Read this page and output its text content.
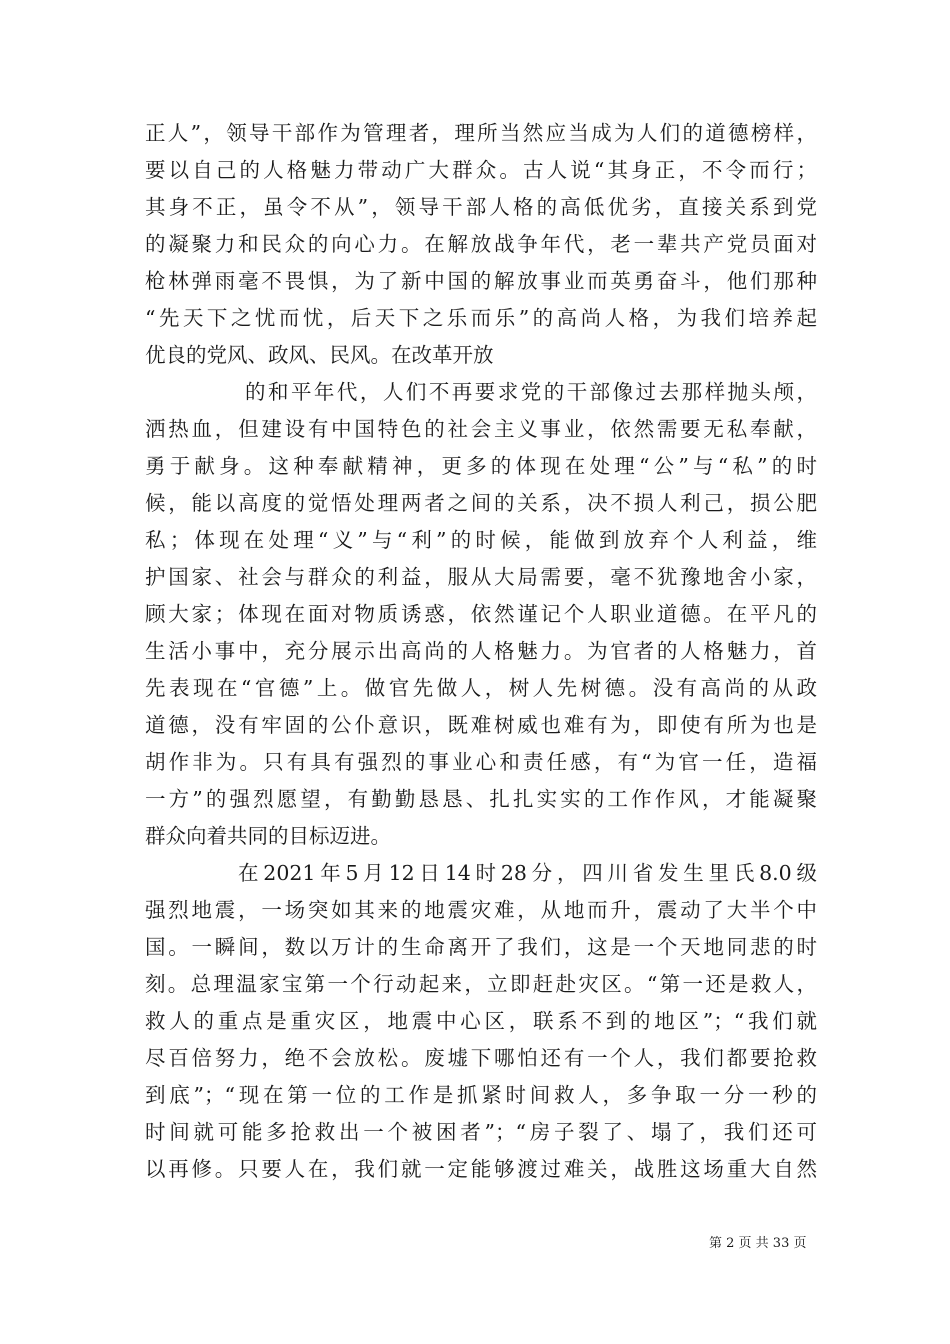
正人”，领导干部作为管理者，理所当然应当成为人们的道德榜样，
要以自己的人格魅力带动广大群众。古人说“其身正，不令而行；
其身不正，虽令不从”，领导干部人格的高低优劣，直接关系到党
的凝聚力和民众的向心力。在解放战争年代，老一辈共产党员面对
枪林弹雨毫不畏惧，为了新中国的解放事业而英勇奋斗，他们那种
“先天下之忧而忧，后天下之乐而乐”的高尚人格，为我们培养起
优良的党风、政风、民风。在改革开放
的和平年代，人们不再要求党的干部像过去那样抛头颅，
洒热血，但建设有中国特色的社会主义事业，依然需要无私奉献，
勇于献身。这种奉献精神，更多的体现在处理“公”与“私”的时
候，能以高度的觉悟处理两者之间的关系，决不损人利己，损公肥
私；体现在处理“义”与“利”的时候，能做到放弃个人利益，维
护国家、社会与群众的利益，服从大局需要，毫不犹豫地舍小家，
顾大家；体现在面对物质诱惑，依然谨记个人职业道德。在平凡的
生活小事中，充分展示出高尚的人格魅力。为官者的人格魅力，首
先表现在“官德”上。做官先做人，树人先树德。没有高尚的从政
道德，没有牢固的公仆意识，既难树威也难有为，即使有所为也是
胡作非为。只有具有强烈的事业心和责任感，有“为官一任，造福
一方”的强烈愿望，有勤勤恳恳、扎扎实实的工作作风，才能凝聚
群众向着共同的目标迈进。
在2021年5月12日14时28分，四川省发生里氏8.0级
强烈地震，一场突如其来的地震灾难，从地而升，震动了大半个中
国。一瞬间，数以万计的生命离开了我们，这是一个天地同悲的时
刻。总理温家宝第一个行动起来，立即赶赴灾区。“第一还是救人，
救人的重点是重灾区，地震中心区，联系不到的地区”；“我们就
尽百倍努力，绝不会放松。废墟下哪怕还有一个人，我们都要抢救
到底”；“现在第一位的工作是抓紧时间救人，多争取一分一秒的
时间就可能多抢救出一个被困者”；“房子裂了、塌了，我们还可
以再修。只要人在，我们就一定能够渡过难关，战胜这场重大自然
第 2 页 共 33 页
